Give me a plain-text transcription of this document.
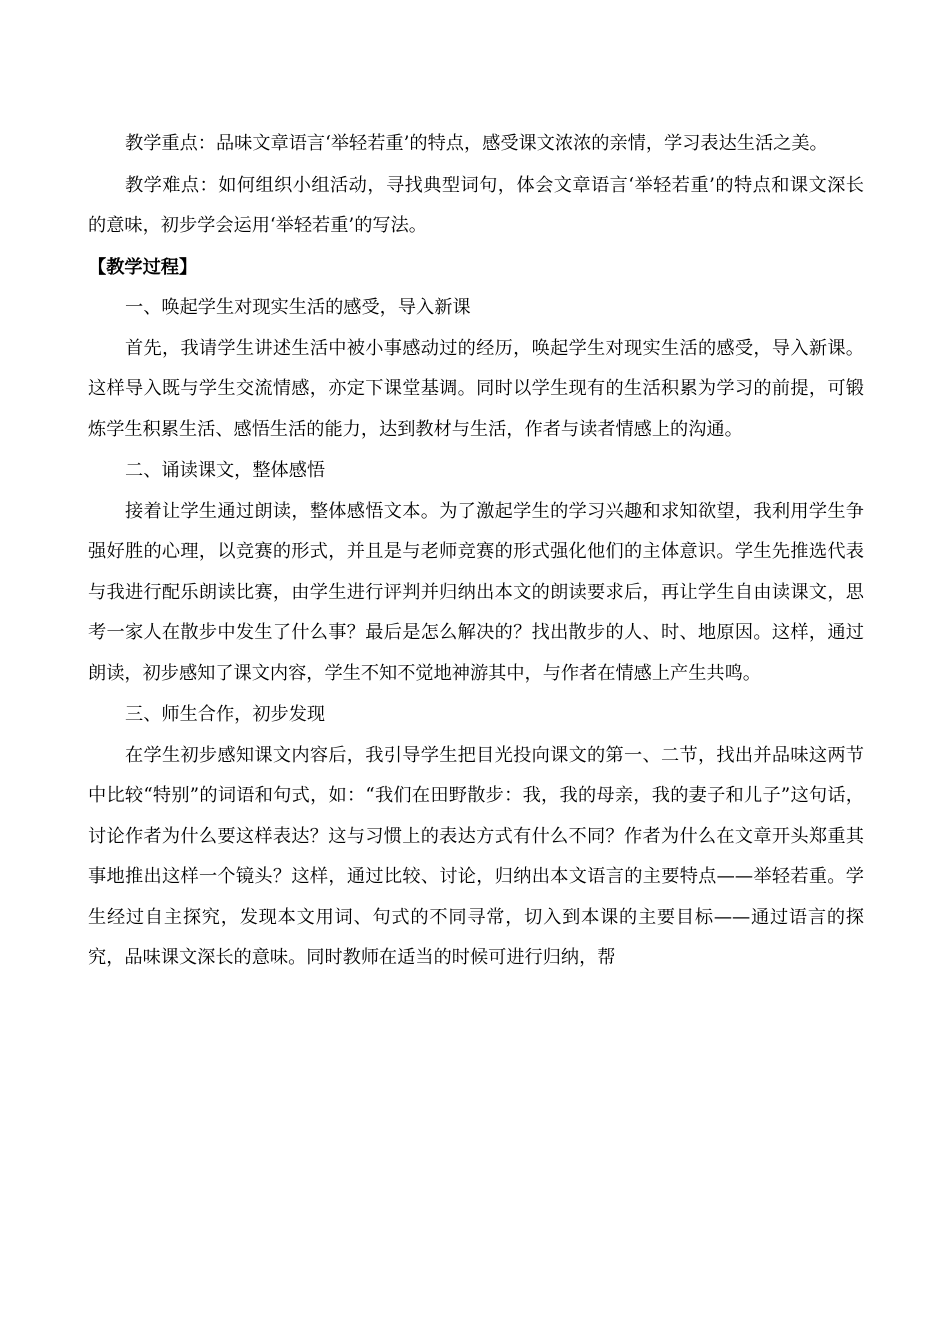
教学重点：品味文章语言‘举轻若重’的特点，感受课文浓浓的亲情，学习表达生活之美。

教学难点：如何组织小组活动，寻找典型词句，体会文章语言‘举轻若重’的特点和课文深长的意味，初步学会运用‘举轻若重’的写法。

【教学过程】

一、唤起学生对现实生活的感受，导入新课

首先，我请学生讲述生活中被小事感动过的经历，唤起学生对现实生活的感受，导入新课。这样导入既与学生交流情感，亦定下课堂基调。同时以学生现有的生活积累为学习的前提，可锻炼学生积累生活、感悟生活的能力，达到教材与生活，作者与读者情感上的沟通。

二、诵读课文，整体感悟

接着让学生通过朗读，整体感悟文本。为了激起学生的学习兴趣和求知欲望，我利用学生争强好胜的心理，以竞赛的形式，并且是与老师竞赛的形式强化他们的主体意识。学生先推选代表与我进行配乐朗读比赛，由学生进行评判并归纳出本文的朗读要求后，再让学生自由读课文，思考一家人在散步中发生了什么事？最后是怎么解决的？找出散步的人、时、地原因。这样，通过朗读，初步感知了课文内容，学生不知不觉地神游其中，与作者在情感上产生共鸣。

三、师生合作，初步发现

在学生初步感知课文内容后，我引导学生把目光投向课文的第一、二节，找出并品味这两节中比较“特别”的词语和句式，如：“我们在田野散步：我，我的母亲，我的妻子和儿子”这句话，讨论作者为什么要这样表达？这与习惯上的表达方式有什么不同？作者为什么在文章开头郑重其事地推出这样一个镜头？这样，通过比较、讨论，归纳出本文语言的主要特点——举轻若重。学生经过自主探究，发现本文用词、句式的不同寻常，切入到本课的主要目标——通过语言的探究，品味课文深长的意味。同时教师在适当的时候可进行归纳，帮
